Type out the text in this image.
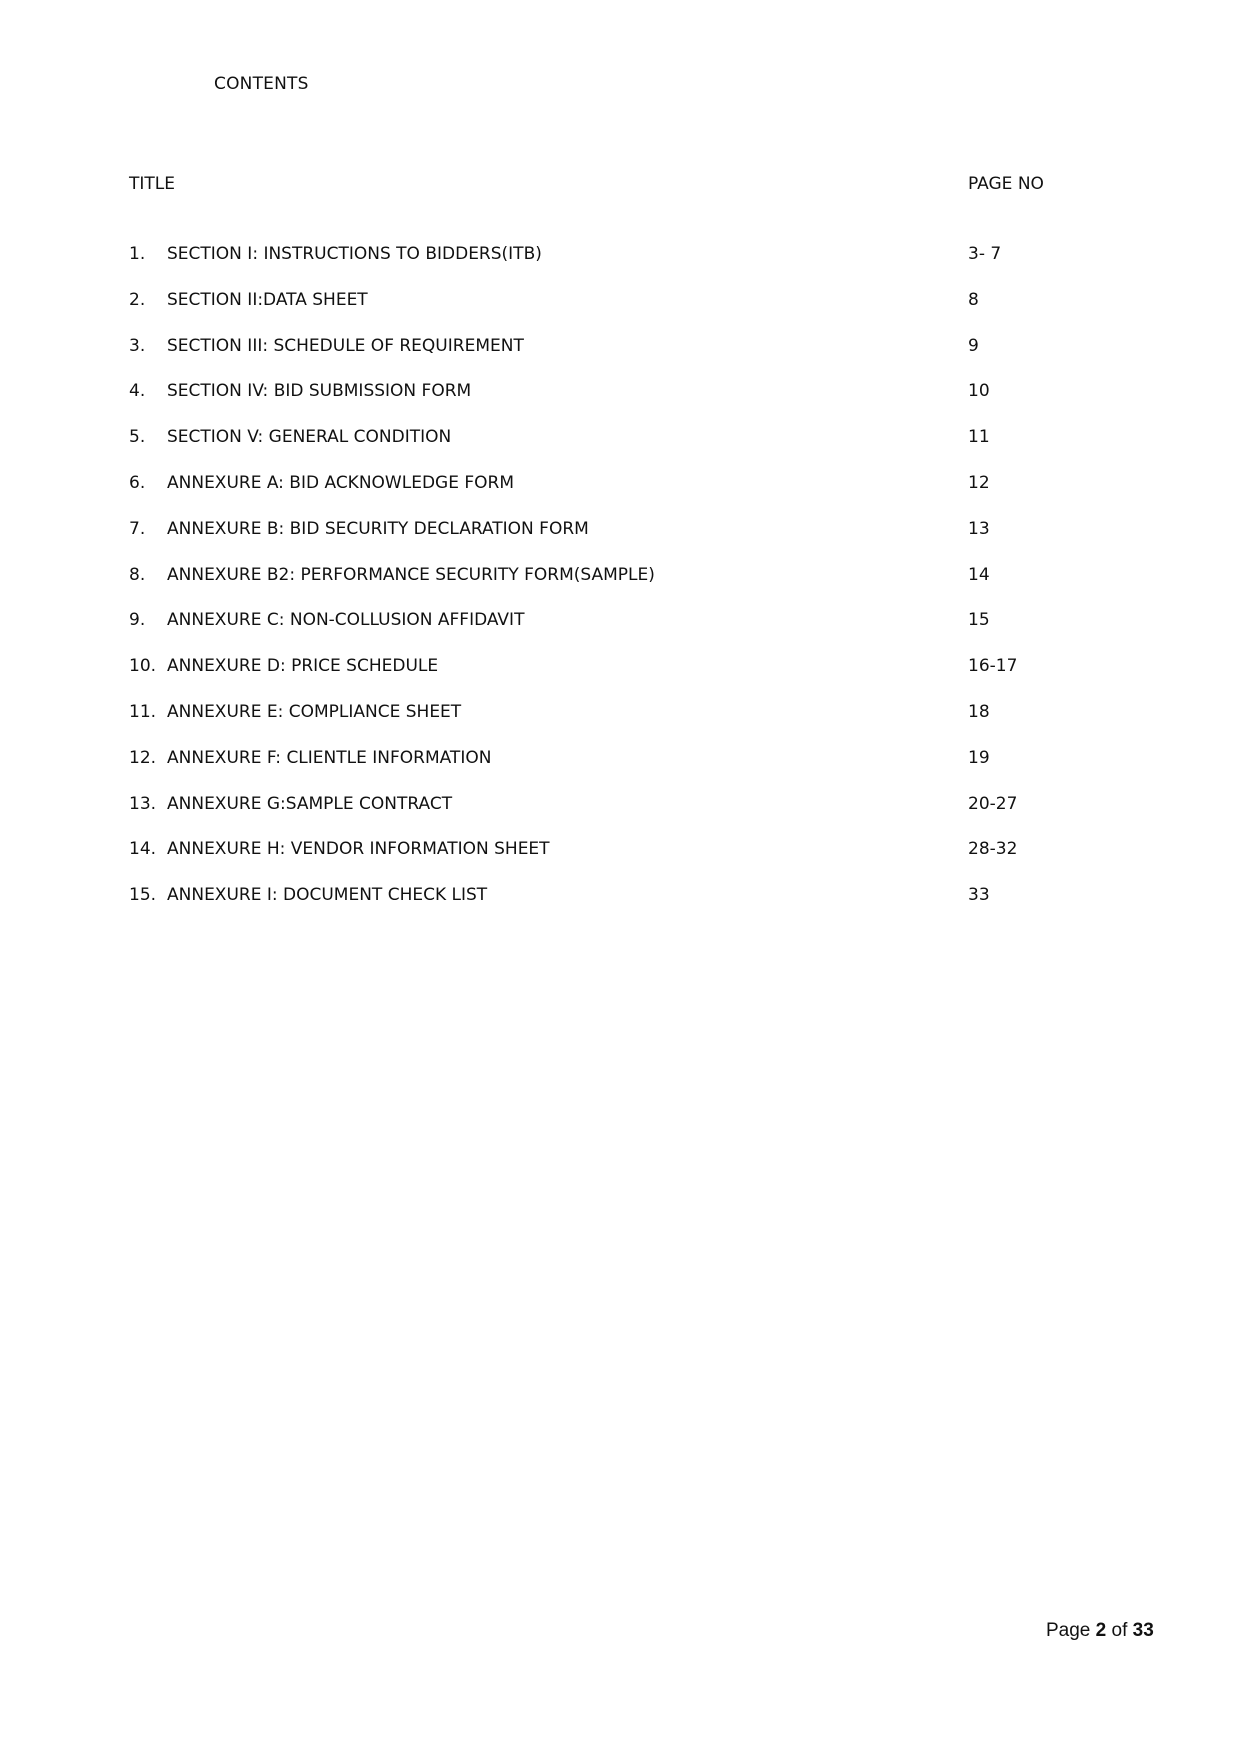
CONTENTS
TITLE	PAGE NO
1. SECTION I: INSTRUCTIONS TO BIDDERS(ITB)	3- 7
2. SECTION II:DATA SHEET	8
3. SECTION III: SCHEDULE OF REQUIREMENT	9
4. SECTION IV: BID SUBMISSION FORM	10
5. SECTION V: GENERAL CONDITION	11
6. ANNEXURE A: BID ACKNOWLEDGE FORM	12
7. ANNEXURE B: BID SECURITY DECLARATION FORM	13
8. ANNEXURE B2: PERFORMANCE SECURITY FORM(SAMPLE)	14
9. ANNEXURE C: NON-COLLUSION AFFIDAVIT	15
10. ANNEXURE D: PRICE SCHEDULE	16-17
11. ANNEXURE E: COMPLIANCE SHEET	18
12. ANNEXURE F: CLIENTLE INFORMATION	19
13. ANNEXURE G:SAMPLE CONTRACT	20-27
14. ANNEXURE H: VENDOR INFORMATION SHEET	28-32
15. ANNEXURE I: DOCUMENT CHECK LIST	33
Page 2 of 33
